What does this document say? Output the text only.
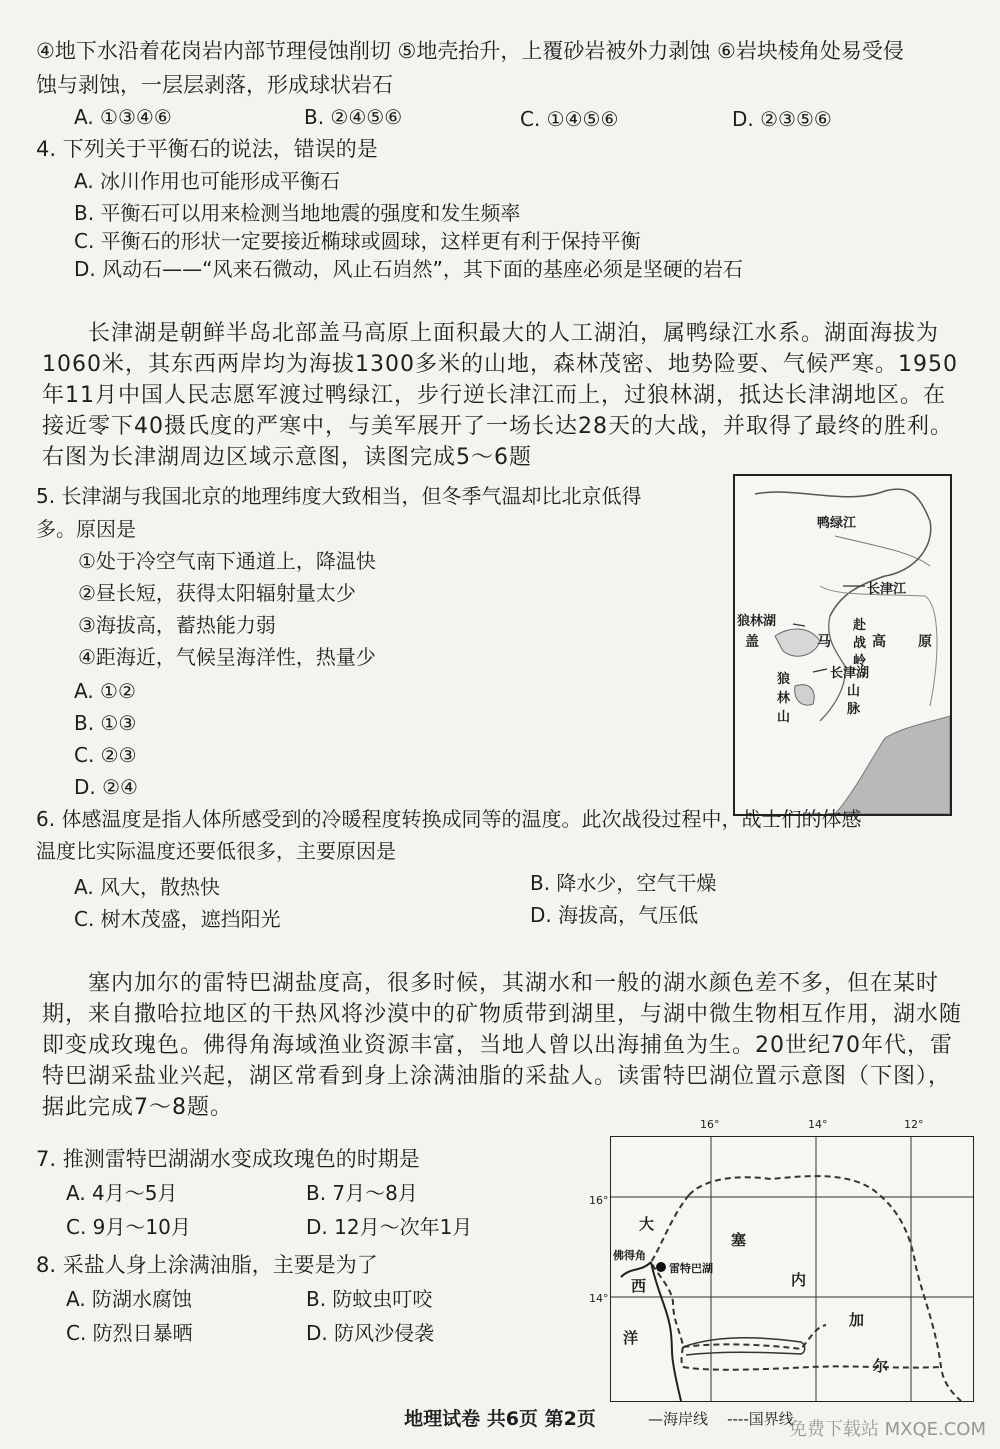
④地下水沿着花岗岩内部节理侵蚀削切 ⑤地壳抬升，上覆砂岩被外力剥蚀 ⑥岩块棱角处易受侵
蚀与剥蚀，一层层剥落，形成球状岩石
A. ①③④⑥	B. ②④⑤⑥	C. ①④⑤⑥	D. ②③⑤⑥
4. 下列关于平衡石的说法，错误的是
A. 冰川作用也可能形成平衡石
B. 平衡石可以用来检测当地地震的强度和发生频率
C. 平衡石的形状一定要接近椭球或圆球，这样更有利于保持平衡
D. 风动石——“风来石微动，风止石岿然”，其下面的基座必须是坚硬的岩石
长津湖是朝鲜半岛北部盖马高原上面积最大的人工湖泊，属鸭绿江水系。湖面海拔为1060米，其东西两岸均为海拔1300多米的山地，森林茂密、地势险要、气候严寒。1950年11月中国人民志愿军渡过鸭绿江，步行逆长津江而上，过狼林湖，抵达长津湖地区。在接近零下40摄氏度的严寒中，与美军展开了一场长达28天的大战，并取得了最终的胜利。右图为长津湖周边区域示意图，读图完成5～6题
5. 长津湖与我国北京的地理纬度大致相当，但冬季气温却比北京低得
多。原因是
①处于冷空气南下通道上，降温快
②昼长短，获得太阳辐射量太少
③海拔高，蓄热能力弱
④距海近，气候呈海洋性，热量少
A. ①②
B. ①③
C. ②③
D. ②④
鸭绿江
长津江
狼林湖
盖	马	高 原
赴
战
岭
长津湖
山
脉
狼
林
山
6. 体感温度是指人体所感受到的冷暖程度转换成同等的温度。此次战役过程中，战士们的体感
温度比实际温度还要低很多，主要原因是
A. 风大，散热快	B. 降水少，空气干燥
C. 树木茂盛，遮挡阳光	D. 海拔高，气压低
塞内加尔的雷特巴湖盐度高，很多时候，其湖水和一般的湖水颜色差不多，但在某时期，来自撒哈拉地区的干热风将沙漠中的矿物质带到湖里，与湖中微生物相互作用，湖水随即变成玫瑰色。佛得角海域渔业资源丰富，当地人曾以出海捕鱼为生。20世纪70年代，雷特巴湖采盐业兴起，湖区常看到身上涂满油脂的采盐人。读雷特巴湖位置示意图（下图），据此完成7～8题。
7. 推测雷特巴湖湖水变成玫瑰色的时期是
A. 4月～5月	B. 7月～8月
C. 9月～10月	D. 12月～次年1月
8. 采盐人身上涂满油脂，主要是为了
A. 防湖水腐蚀	B. 防蚊虫叮咬
C. 防烈日暴晒	D. 防风沙侵袭
16°	14°	12°
16°
14°
大
西
洋
塞
内
加
尔
佛得角
雷特巴湖
—海岸线 ----国界线
地理试卷 共6页 第2页	免费下载站 MXQE.COM
